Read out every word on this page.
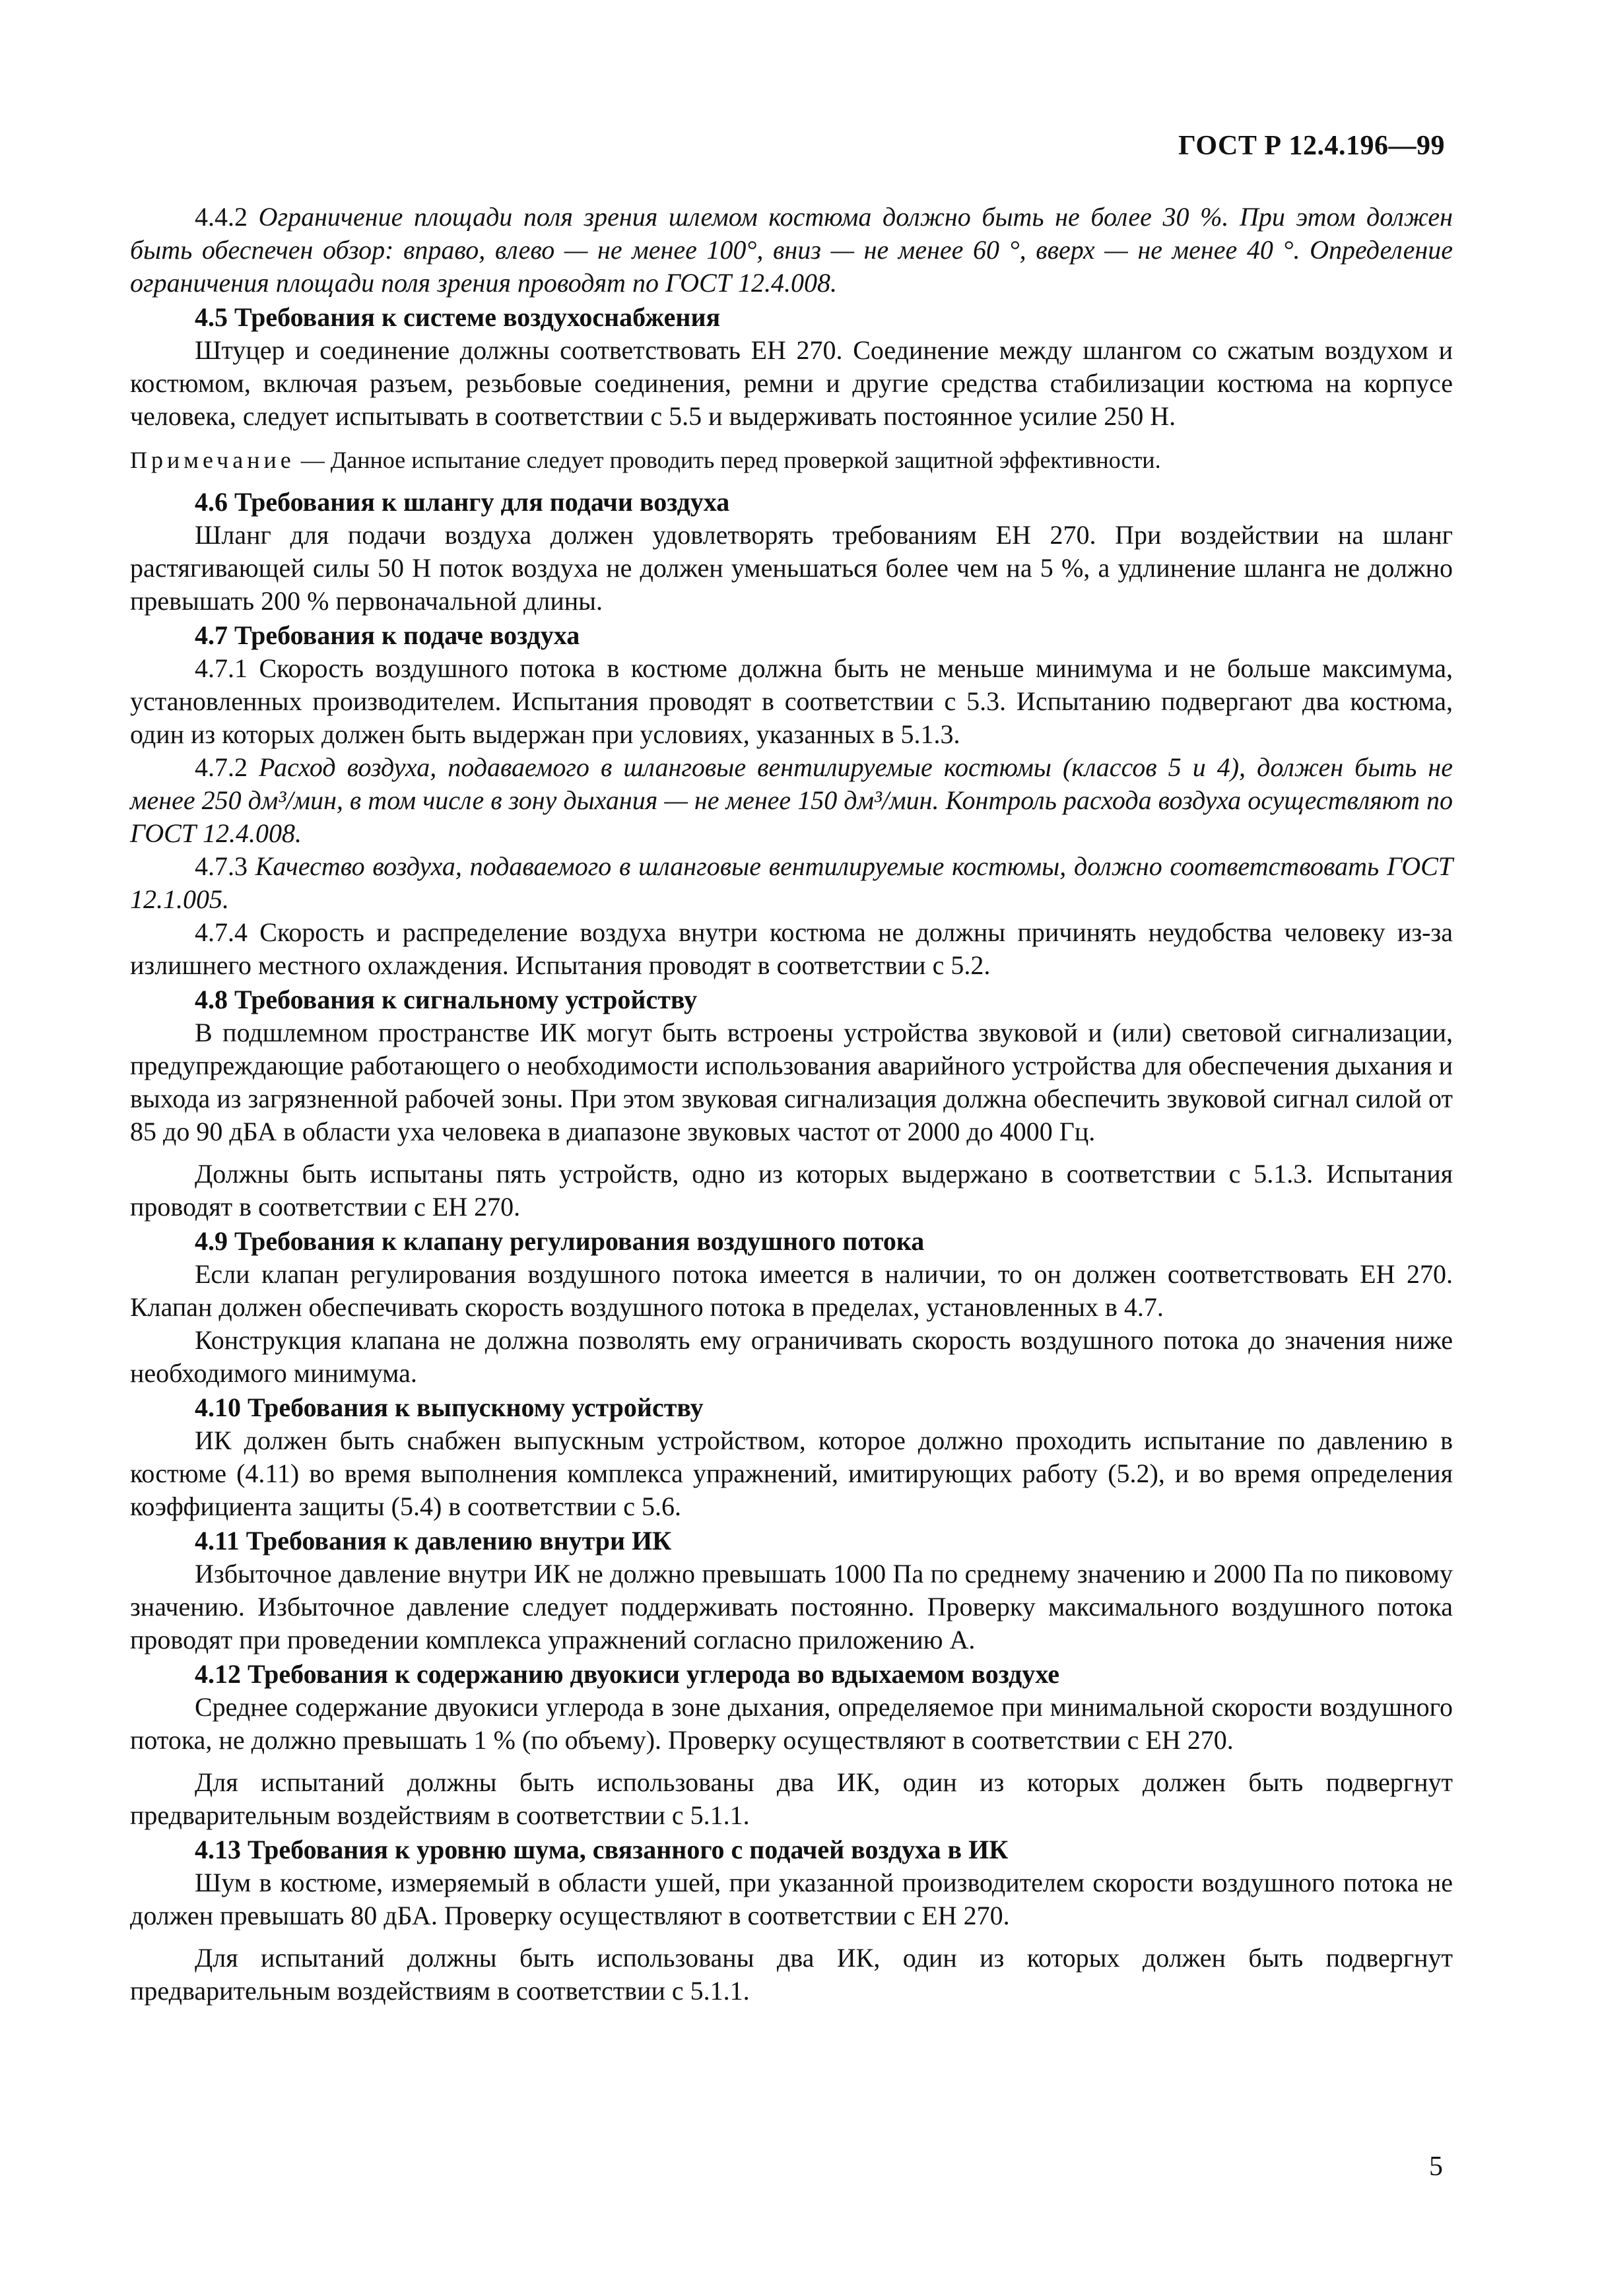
ГОСТ Р 12.4.196—99

4.4.2 Ограничение площади поля зрения шлемом костюма должно быть не более 30 %. При этом должен быть обеспечен обзор: вправо, влево — не менее 100°, вниз — не менее 60 °, вверх — не менее 40 °. Определение ограничения площади поля зрения проводят по ГОСТ 12.4.008.

4.5 Требования к системе воздухоснабжения

Штуцер и соединение должны соответствовать ЕН 270. Соединение между шлангом со сжатым воздухом и костюмом, включая разъем, резьбовые соединения, ремни и другие средства стабилизации костюма на корпусе человека, следует испытывать в соответствии с 5.5 и выдерживать постоянное усилие 250 Н.

Примечание — Данное испытание следует проводить перед проверкой защитной эффективности.

4.6 Требования к шлангу для подачи воздуха

Шланг для подачи воздуха должен удовлетворять требованиям ЕН 270. При воздействии на шланг растягивающей силы 50 Н поток воздуха не должен уменьшаться более чем на 5 %, а удлинение шланга не должно превышать 200 % первоначальной длины.

4.7 Требования к подаче воздуха

4.7.1 Скорость воздушного потока в костюме должна быть не меньше минимума и не больше максимума, установленных производителем. Испытания проводят в соответствии с 5.3. Испытанию подвергают два костюма, один из которых должен быть выдержан при условиях, указанных в 5.1.3.

4.7.2 Расход воздуха, подаваемого в шланговые вентилируемые костюмы (классов 5 и 4), должен быть не менее 250 дм³/мин, в том числе в зону дыхания — не менее 150 дм³/мин. Контроль расхода воздуха осуществляют по ГОСТ 12.4.008.

4.7.3 Качество воздуха, подаваемого в шланговые вентилируемые костюмы, должно соответствовать ГОСТ 12.1.005.

4.7.4 Скорость и распределение воздуха внутри костюма не должны причинять неудобства человеку из-за излишнего местного охлаждения. Испытания проводят в соответствии с 5.2.

4.8 Требования к сигнальному устройству

В подшлемном пространстве ИК могут быть встроены устройства звуковой и (или) световой сигнализации, предупреждающие работающего о необходимости использования аварийного устройства для обеспечения дыхания и выхода из загрязненной рабочей зоны. При этом звуковая сигнализация должна обеспечить звуковой сигнал силой от 85 до 90 дБА в области уха человека в диапазоне звуковых частот от 2000 до 4000 Гц.

Должны быть испытаны пять устройств, одно из которых выдержано в соответствии с 5.1.3. Испытания проводят в соответствии с ЕН 270.

4.9 Требования к клапану регулирования воздушного потока

Если клапан регулирования воздушного потока имеется в наличии, то он должен соответствовать ЕН 270. Клапан должен обеспечивать скорость воздушного потока в пределах, установленных в 4.7.

Конструкция клапана не должна позволять ему ограничивать скорость воздушного потока до значения ниже необходимого минимума.

4.10 Требования к выпускному устройству

ИК должен быть снабжен выпускным устройством, которое должно проходить испытание по давлению в костюме (4.11) во время выполнения комплекса упражнений, имитирующих работу (5.2), и во время определения коэффициента защиты (5.4) в соответствии с 5.6.

4.11 Требования к давлению внутри ИК

Избыточное давление внутри ИК не должно превышать 1000 Па по среднему значению и 2000 Па по пиковому значению. Избыточное давление следует поддерживать постоянно. Проверку максимального воздушного потока проводят при проведении комплекса упражнений согласно приложению А.

4.12 Требования к содержанию двуокиси углерода во вдыхаемом воздухе

Среднее содержание двуокиси углерода в зоне дыхания, определяемое при минимальной скорости воздушного потока, не должно превышать 1 % (по объему). Проверку осуществляют в соответствии с ЕН 270.

Для испытаний должны быть использованы два ИК, один из которых должен быть подвергнут предварительным воздействиям в соответствии с 5.1.1.

4.13 Требования к уровню шума, связанного с подачей воздуха в ИК

Шум в костюме, измеряемый в области ушей, при указанной производителем скорости воздушного потока не должен превышать 80 дБА. Проверку осуществляют в соответствии с ЕН 270.

Для испытаний должны быть использованы два ИК, один из которых должен быть подвергнут предварительным воздействиям в соответствии с 5.1.1.

5
